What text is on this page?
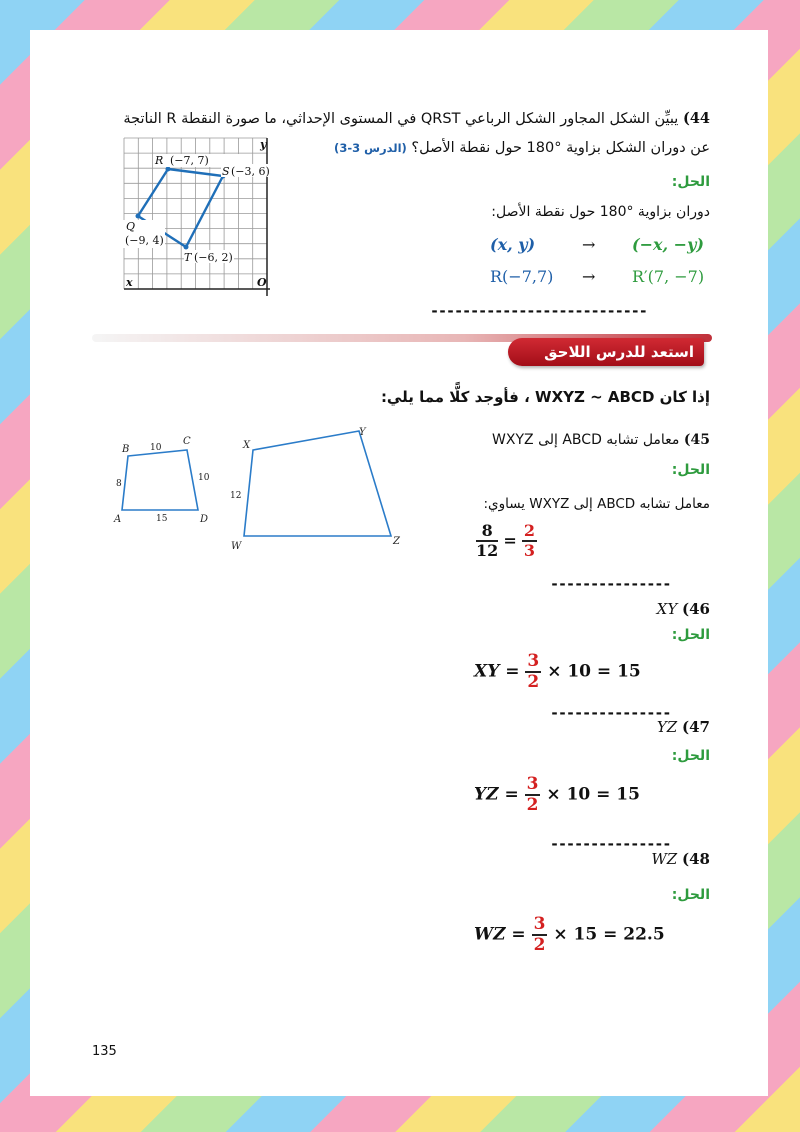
44) يبيِّن الشكل المجاور الشكل الرباعي QRST في المستوى الإحداثي، ما صورة النقطة R الناتجة
عن دوران الشكل بزاوية °180 حول نقطة الأصل؟ (الدرس 3-3)
R (−7, 7)
S (−3, 6)
Q
(−9, 4)
T (−6, 2)
y
x	O
الحل:
دوران بزاوية °180 حول نقطة الأصل:
(x, y)	→ (−x, −y)
R(−7,7) → R′(7, −7)
---------------------------
استعد للدرس اللاحق
إذا كان WXYZ ~ ABCD ، فأوجد كلًّا مما يلي:
B
C
A	D
10
10
8
15
X
Y
W	Z
12
45) معامل تشابه ABCD إلى WXYZ
الحل:
معامل تشابه ABCD إلى WXYZ يساوي:
$\frac{8}{12} = \frac{2}{3}$
---------------
46) XY
الحل:
XY = $\frac{3}{2} \times 10 = 15$
---------------
47) YZ
الحل:
YZ = $\frac{3}{2} \times 10 = 15$
---------------
48) WZ
الحل:
WZ = $\frac{3}{2} \times 15 = 22.5$
135
